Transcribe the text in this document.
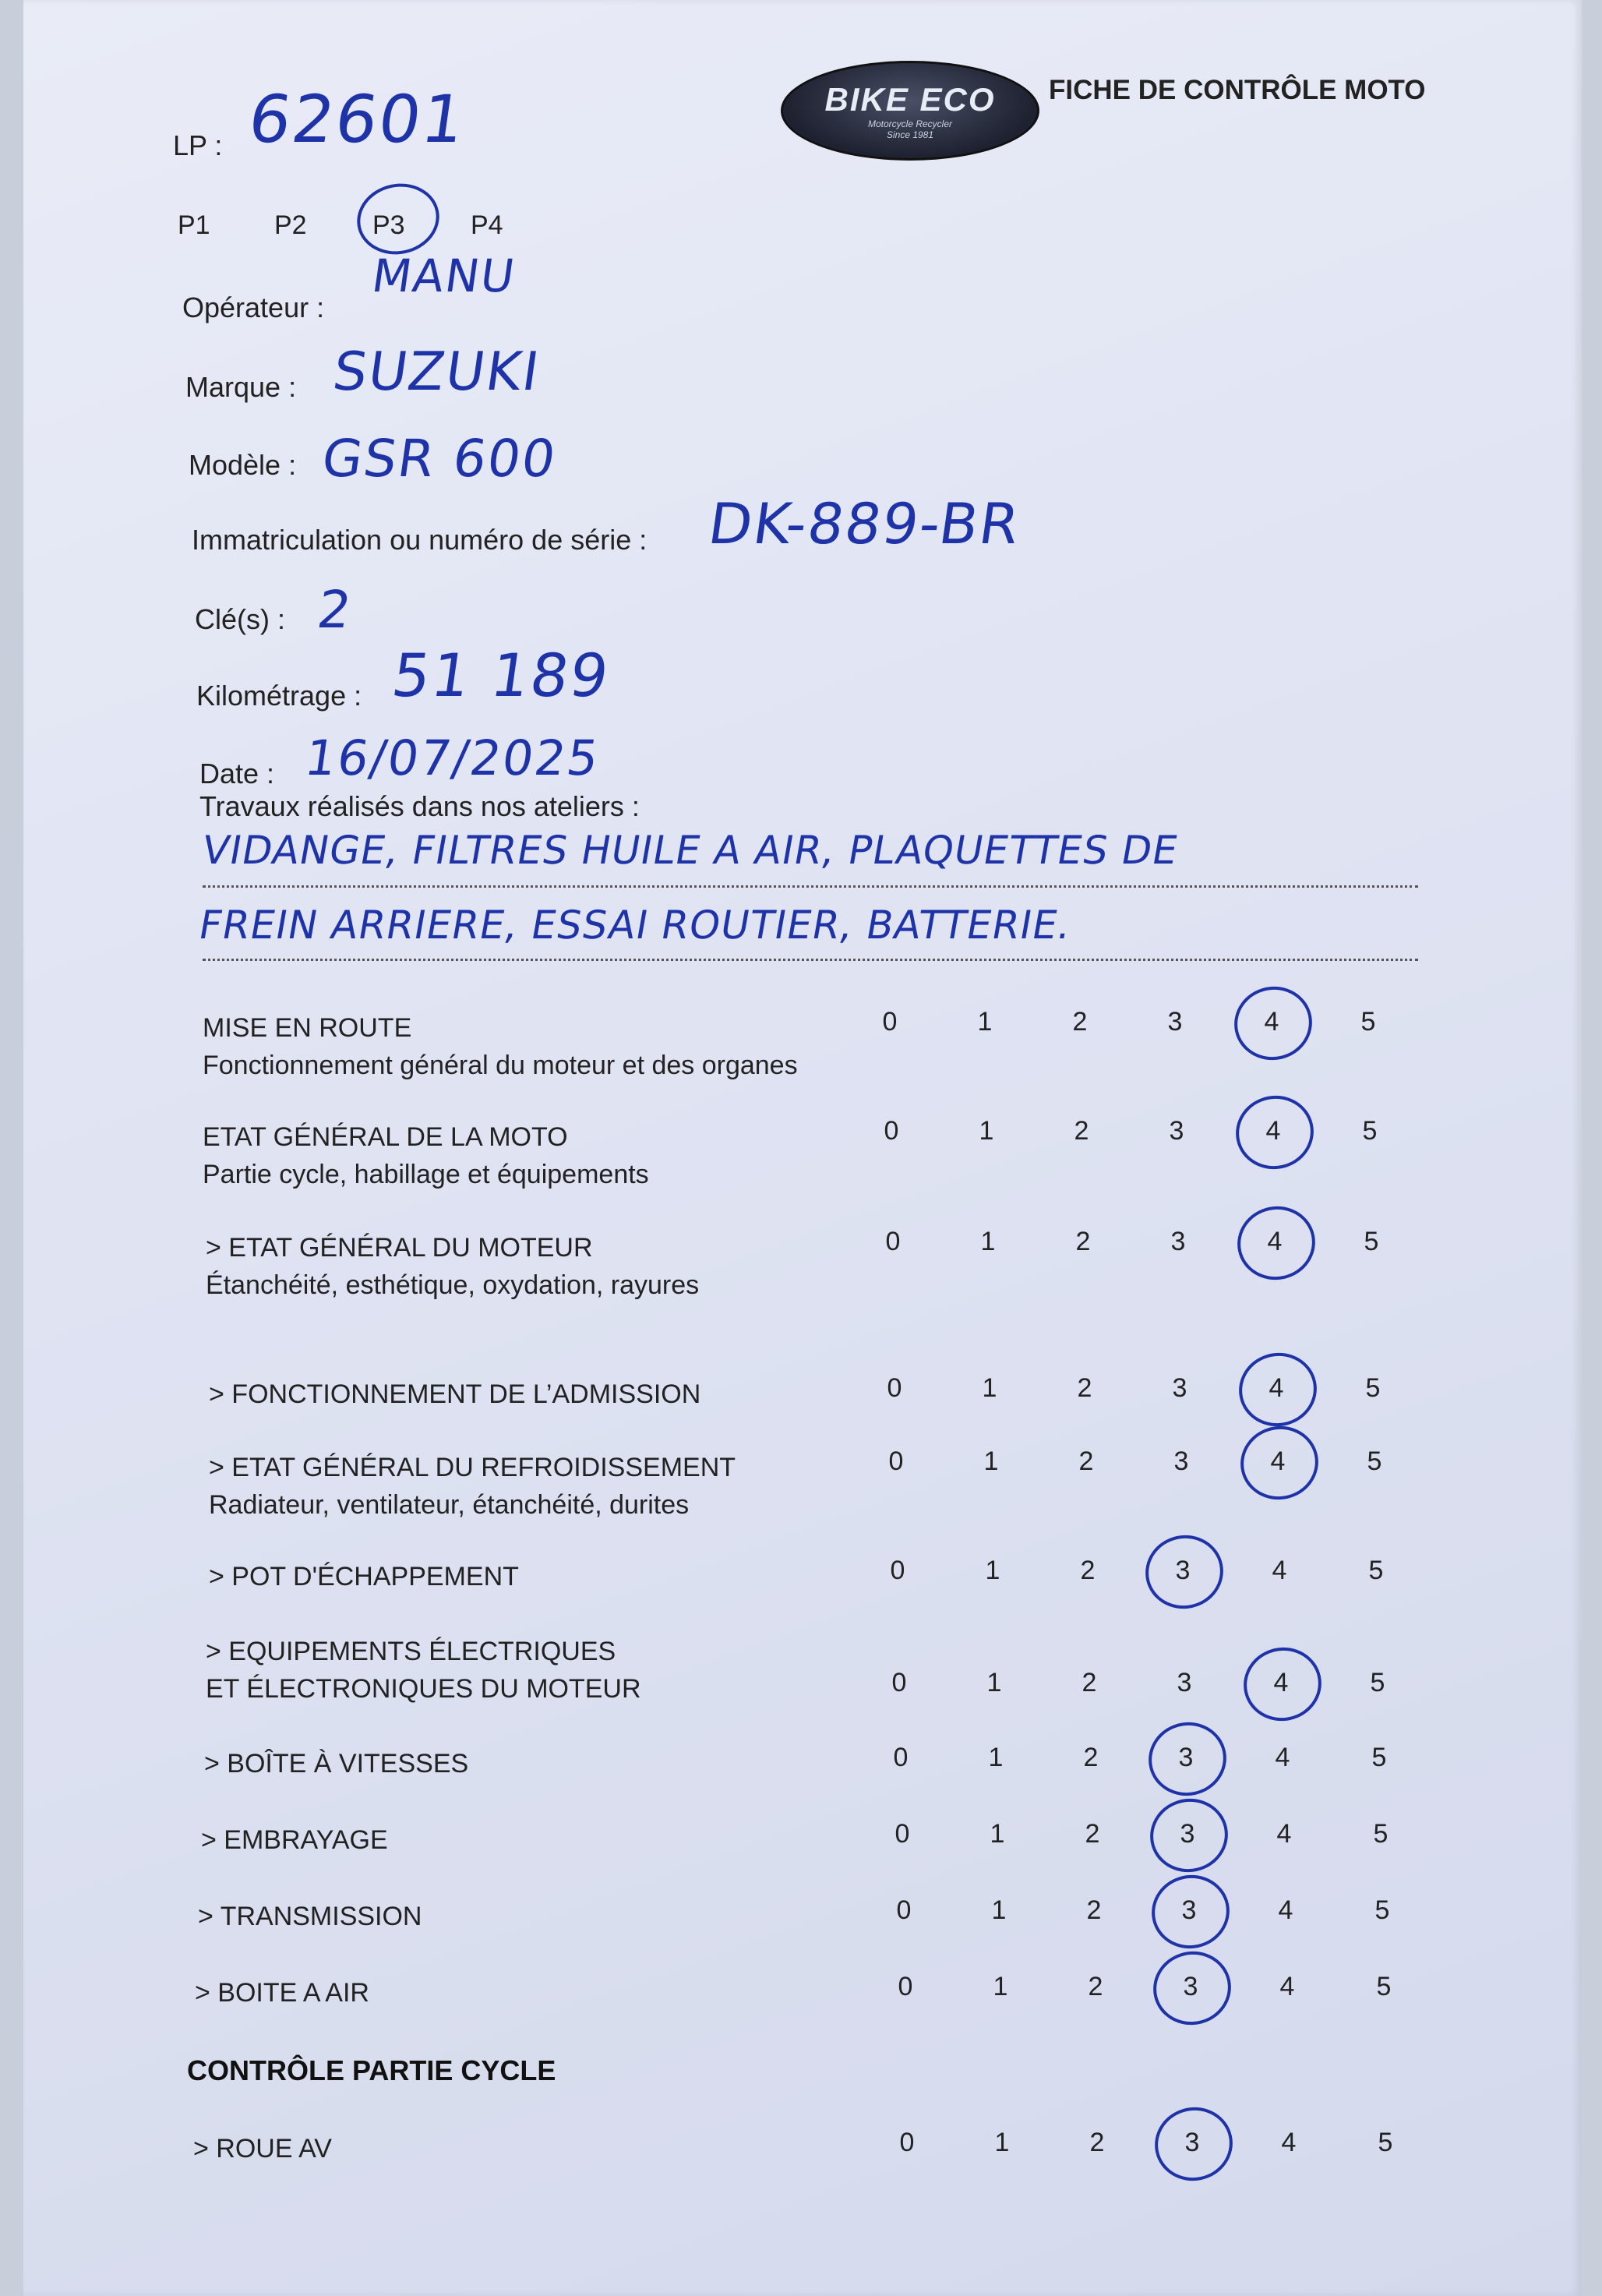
BIKE ECO
Motorcycle Recycler
Since 1981
FICHE DE CONTRÔLE MOTO
LP : 62601
P1 P2 P3 P4
Opérateur :
MANU
Marque : SUZUKI
Modèle : GSR 600
Immatriculation ou numéro de série : DK-889-BR
Clé(s) : 2
Kilométrage : 51 189
Date : 16/07/2025
Travaux réalisés dans nos ateliers :
VIDANGE, FILTRES HUILE A AIR, PLAQUETTES DE
FREIN ARRIERE, ESSAI ROUTIER, BATTERIE.
MISE EN ROUTE
Fonctionnement général du moteur et des organes
0	1	2	3	4	5
ETAT GÉNÉRAL DE LA MOTO
Partie cycle, habillage et équipements
0	1	2	3	4	5
> ETAT GÉNÉRAL DU MOTEUR
Étanchéité, esthétique, oxydation, rayures
0	1	2	3	4	5
> FONCTIONNEMENT DE L’ADMISSION	0	1	2	3	4	5
> ETAT GÉNÉRAL DU REFROIDISSEMENT
Radiateur, ventilateur, étanchéité, durites
0	1	2	3	4	5
> POT D'ÉCHAPPEMENT	0	1	2	3	4	5
> EQUIPEMENTS ÉLECTRIQUES
ET ÉLECTRONIQUES DU MOTEUR	0	1	2	3	4	5
> BOÎTE À VITESSES	0	1	2	3	4	5
> EMBRAYAGE	0	1	2	3	4	5
> TRANSMISSION	0	1	2	3	4	5
> BOITE A AIR	0	1	2	3	4	5
CONTRÔLE PARTIE CYCLE
> ROUE AV	0	1	2	3	4	5
